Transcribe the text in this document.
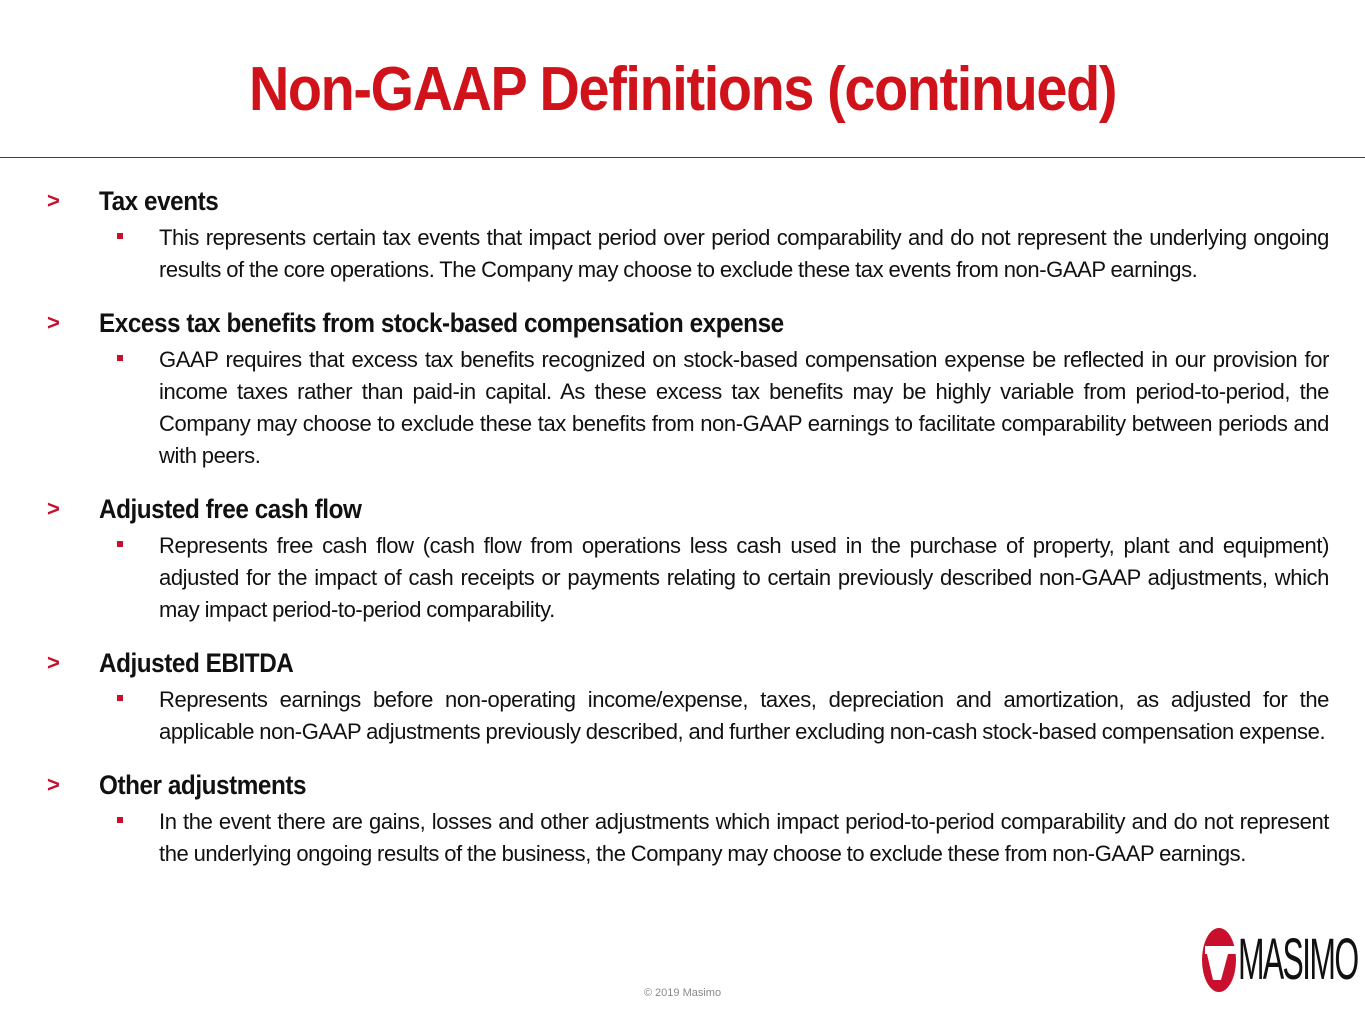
Non-GAAP Definitions (continued)
> Tax events
This represents certain tax events that impact period over period comparability and do not represent the underlying ongoing results of the core operations. The Company may choose to exclude these tax events from non-GAAP earnings.
> Excess tax benefits from stock-based compensation expense
GAAP requires that excess tax benefits recognized on stock-based compensation expense be reflected in our provision for income taxes rather than paid-in capital. As these excess tax benefits may be highly variable from period-to-period, the Company may choose to exclude these tax benefits from non-GAAP earnings to facilitate comparability between periods and with peers.
> Adjusted free cash flow
Represents free cash flow (cash flow from operations less cash used in the purchase of property, plant and equipment) adjusted for the impact of cash receipts or payments relating to certain previously described non-GAAP adjustments, which may impact period-to-period comparability.
> Adjusted EBITDA
Represents earnings before non-operating income/expense, taxes, depreciation and amortization, as adjusted for the applicable non-GAAP adjustments previously described, and further excluding non-cash stock-based compensation expense.
> Other adjustments
In the event there are gains, losses and other adjustments which impact period-to-period comparability and do not represent the underlying ongoing results of the business, the Company may choose to exclude these from non-GAAP earnings.
© 2019 Masimo
MASIMO
